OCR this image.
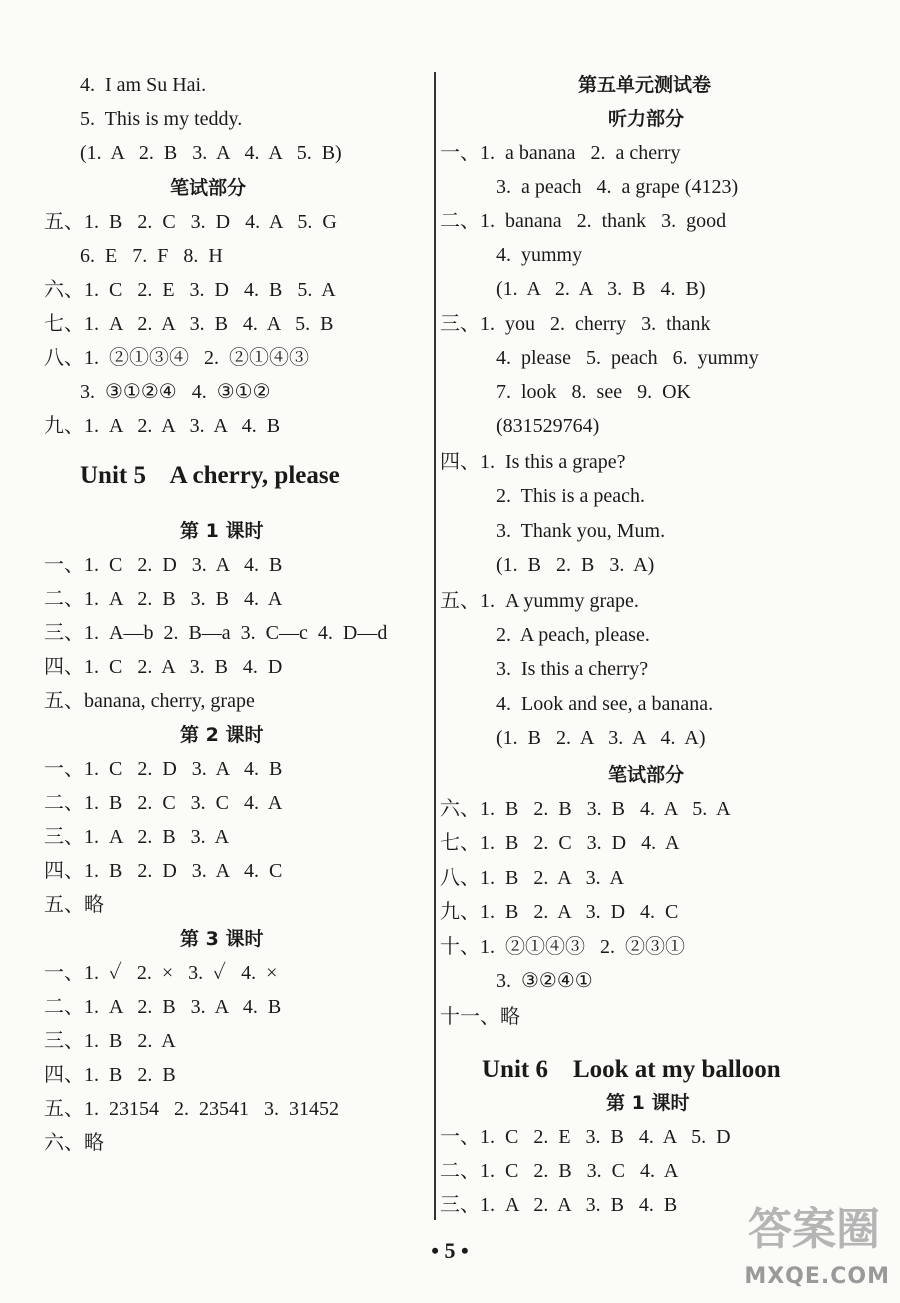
4.  I am Su Hai.
5.  This is my teddy.
(1.  A   2.  B   3.  A   4.  A   5.  B)
笔试部分
五、1.  B   2.  C   3.  D   4.  A   5.  G
6.  E   7.  F   8.  H
六、1.  C   2.  E   3.  D   4.  B   5.  A
七、1.  A   2.  A   3.  B   4.  A   5.  B
八、1.  ②①③④   2.  ②①④③
3.  ③①②④   4.  ③①②
九、1.  A   2.  A   3.  A   4.  B
Unit 5    A cherry, please
第 1 课时
一、1.  C   2.  D   3.  A   4.  B
二、1.  A   2.  B   3.  B   4.  A
三、1.  A—b  2.  B—a  3.  C—c  4.  D—d
四、1.  C   2.  A   3.  B   4.  D
五、banana, cherry, grape
第 2 课时
一、1.  C   2.  D   3.  A   4.  B
二、1.  B   2.  C   3.  C   4.  A
三、1.  A   2.  B   3.  A
四、1.  B   2.  D   3.  A   4.  C
五、略
第 3 课时
一、1.  ✓   2.  ×   3.  ✓   4.  ×
二、1.  A   2.  B   3.  A   4.  B
三、1.  B   2.  A
四、1.  B   2.  B
五、1.  23154   2.  23541   3.  31452
六、略
第五单元测试卷
听力部分
一、1.  a banana   2.  a cherry
3.  a peach   4.  a grape (4123)
二、1.  banana   2.  thank   3.  good
4.  yummy
(1.  A   2.  A   3.  B   4.  B)
三、1.  you   2.  cherry   3.  thank
4.  please   5.  peach   6.  yummy
7.  look   8.  see   9.  OK
(831529764)
四、1.  Is this a grape?
2.  This is a peach.
3.  Thank you, Mum.
(1.  B   2.  B   3.  A)
五、1.  A yummy grape.
2.  A peach, please.
3.  Is this a cherry?
4.  Look and see, a banana.
(1.  B   2.  A   3.  A   4.  A)
笔试部分
六、1.  B   2.  B   3.  B   4.  A   5.  A
七、1.  B   2.  C   3.  D   4.  A
八、1.  B   2.  A   3.  A
九、1.  B   2.  A   3.  D   4.  C
十、1.  ②①④③   2.  ②③①
3.  ③②④①
十一、略
Unit 6    Look at my balloon
第 1 课时
一、1.  C   2.  E   3.  B   4.  A   5.  D
二、1.  C   2.  B   3.  C   4.  A
三、1.  A   2.  A   3.  B   4.  B
• 5 •	答案圈
MXQE.COM
